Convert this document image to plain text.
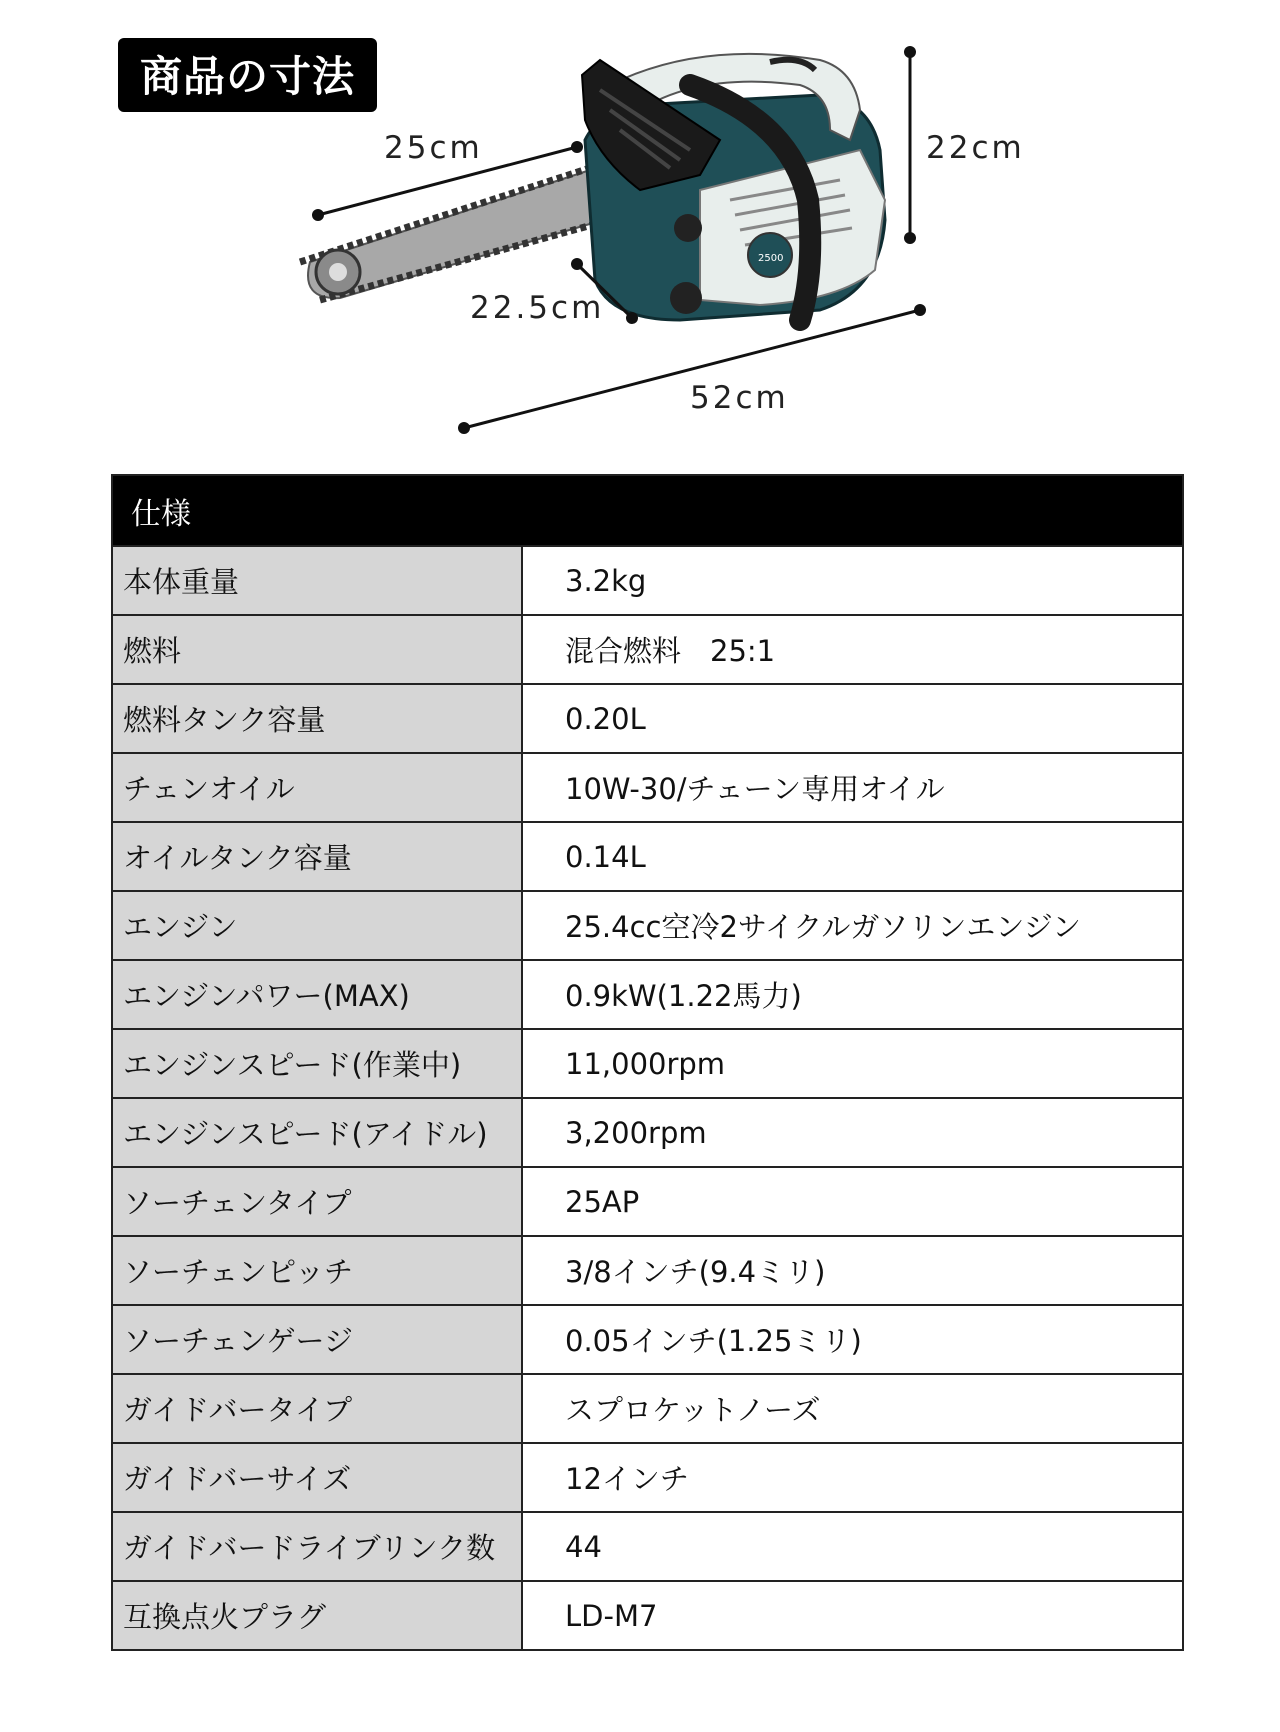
商品の寸法
2500
25cm	22cm
22.5cm
52cm
仕様	
本体重量	3.2kg
燃料	混合燃料　25:1
燃料タンク容量	0.20L
チェンオイル	10W-30/チェーン専用オイル
オイルタンク容量	0.14L
エンジン	25.4cc空冷2サイクルガソリンエンジン
エンジンパワー(MAX)	0.9kW(1.22馬力)
エンジンスピード(作業中)	11,000rpm
エンジンスピード(アイドル)	3,200rpm
ソーチェンタイプ	25AP
ソーチェンピッチ	3/8インチ(9.4ミリ)
ソーチェンゲージ	0.05インチ(1.25ミリ)
ガイドバータイプ	スプロケットノーズ
ガイドバーサイズ	12インチ
ガイドバードライブリンク数	44
互換点火プラグ	LD-M7
